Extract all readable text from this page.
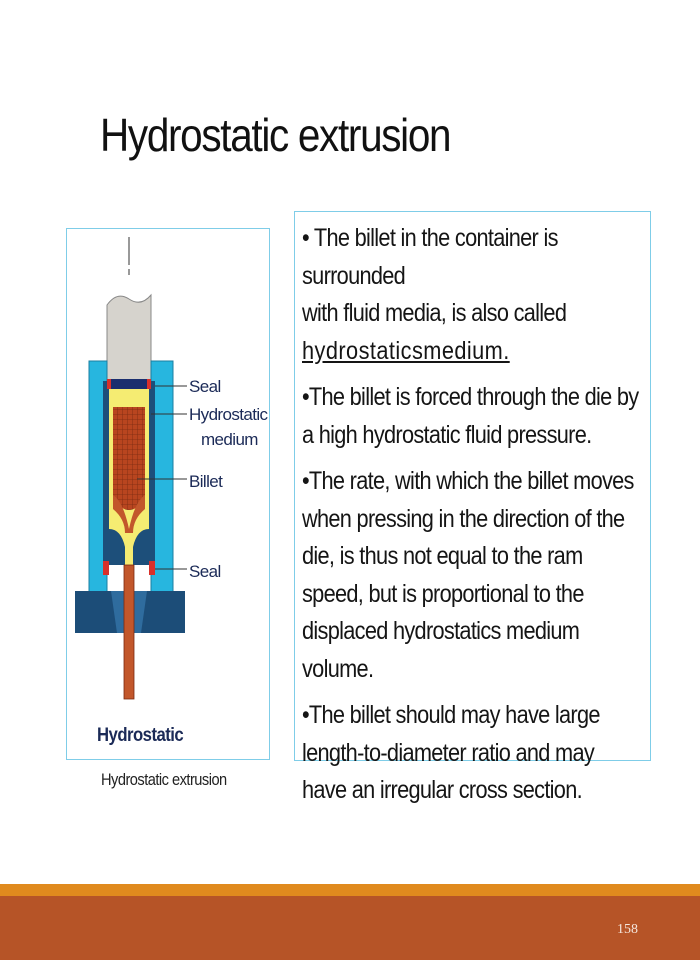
Hydrostatic extrusion
Seal
Hydrostatic
medium
Billet
Seal
Hydrostatic
Hydrostatic extrusion
• The billet in the container is surrounded
with fluid media, is also called
hydrostaticsmedium.
•The billet is forced through the die by a high hydrostatic fluid pressure.
•The rate, with which the billet moves when pressing in the direction of the die, is thus not equal to the ram speed, but is proportional to the displaced hydrostatics medium volume.
•The billet should may have large length-to-diameter ratio and may have an irregular cross section.
158
